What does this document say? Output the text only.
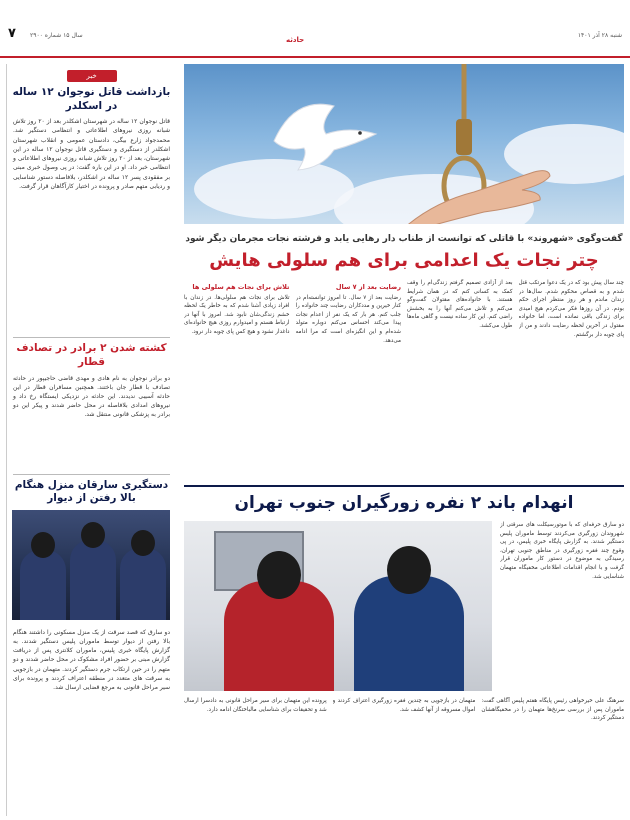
شنبه ۲۸ آذر ۱۴۰۱
حادثه
سال ۱۵ شماره ۲۹۰۰
۷
خبر
بازداشت قاتل نوجوان ۱۲ ساله در اسکلدر
قاتل نوجوان ۱۲ ساله در شهرستان اشکلدر بعد از ۲۰ روز تلاش شبانه روزی نیروهای اطلاعاتی و انتظامی دستگیر شد. محمدجواد زارع بیگی، دادستان عمومی و انقلاب شهرستان اشکلدر از دستگیری و دستگیری قاتل نوجوان ۱۲ ساله در این شهرستان، بعد از ۲۰ روز تلاش شبانه روزی نیروهای اطلاعاتی و انتظامی خبر داد. او در این باره گفت: در پی وصول خبری مبنی بر مفقودی پسر ۱۲ ساله در اشکلدر، بلافاصله دستور شناسایی و ردیابی متهم صادر و پرونده در اختیار کارآگاهان قرار گرفت.
کشته شدن ۲ برادر در تصادف قطار
دو برادر نوجوان به نام هادی و مهدی قاضی حاجیپور در حادثه تصادف با قطار جان باختند. همچنین مسافران قطار در این حادثه آسیبی ندیدند. این حادثه در نزدیکی ایستگاه رخ داد و نیروهای امدادی بلافاصله در محل حاضر شدند و پیکر این دو برادر به پزشکی قانونی منتقل شد.
دستگیری سارقان منزل هنگام بالا رفتن از دیوار
دو سارق که قصد سرقت از یک منزل مسکونی را داشتند هنگام بالا رفتن از دیوار توسط ماموران پلیس دستگیر شدند. به گزارش پایگاه خبری پلیس، ماموران کلانتری پس از دریافت گزارش مبنی بر حضور افراد مشکوک در محل حاضر شدند و دو متهم را در حین ارتکاب جرم دستگیر کردند. متهمان در بازجویی به سرقت های متعدد در منطقه اعتراف کردند و پرونده برای سیر مراحل قانونی به مرجع قضایی ارسال شد.
گفت‌وگوی «شهروند» با قاتلی که توانست از طناب دار رهایی یابد و فرشته نجات مجرمان دیگر شود
چتر نجات یک اعدامی برای هم سلولی هایش
چند سال پیش بود که در یک دعوا مرتکب قتل شدم و به قصاص محکوم شدم. سال‌ها در زندان ماندم و هر روز منتظر اجرای حکم بودم. در آن روزها فکر می‌کردم هیچ امیدی برای زندگی باقی نمانده است، اما خانواده مقتول در آخرین لحظه رضایت دادند و من از پای چوبه دار برگشتم.
بعد از آزادی تصمیم گرفتم زندگی‌ام را وقف کمک به کسانی کنم که در همان شرایط هستند. با خانواده‌های مقتولان گفت‌وگو می‌کنم و تلاش می‌کنم آنها را به بخشش راضی کنم. این کار ساده نیست و گاهی ماه‌ها طول می‌کشد.
رضایت بعد از ۷ سال
رضایت بعد از ۷ سال. تا امروز توانسته‌ام در کنار خیرین و مددکاران رضایت چند خانواده را جلب کنم. هر بار که یک نفر از اعدام نجات پیدا می‌کند احساس می‌کنم دوباره متولد شده‌ام و این انگیزه‌ای است که مرا ادامه می‌دهد.
تلاش برای نجات هم سلولی ها
تلاش برای نجات هم سلولی‌ها. در زندان با افراد زیادی آشنا شدم که به خاطر یک لحظه خشم زندگی‌شان نابود شد. امروز با آنها در ارتباط هستم و امیدوارم روزی هیچ خانواده‌ای داغدار نشود و هیچ کس پای چوبه دار نرود.
انهدام باند ۲ نفره زورگیران جنوب تهران
دو سارق حرفه‌ای که با موتورسیکلت های سرقتی از شهروندان زورگیری می‌کردند توسط ماموران پلیس دستگیر شدند. به گزارش پایگاه خبری پلیس، در پی وقوع چند فقره زورگیری در مناطق جنوبی تهران، رسیدگی به موضوع در دستور کار ماموران قرار گرفت و با انجام اقدامات اطلاعاتی مخفیگاه متهمان شناسایی شد.
سرهنگ علی خیرخواهی رئیس پایگاه هفتم پلیس آگاهی گفت: ماموران پس از بررسی سرنخ‌ها متهمان را در مخفیگاهشان دستگیر کردند.
متهمان در بازجویی به چندین فقره زورگیری اعتراف کردند و اموال مسروقه از آنها کشف شد.
پرونده این متهمان برای سیر مراحل قانونی به دادسرا ارسال شد و تحقیقات برای شناسایی مالباختگان ادامه دارد.
